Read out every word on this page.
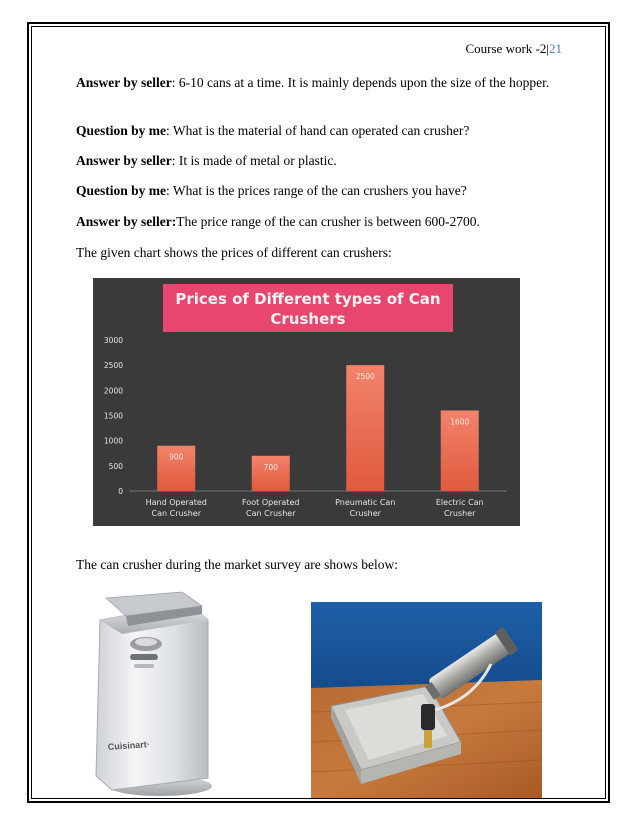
Course work -2|21
Answer by seller: 6-10 cans at a time. It is mainly depends upon the size of the hopper.
Question by me: What is the material of hand can operated can crusher?
Answer by seller: It is made of metal or plastic.
Question by me: What is the prices range of the can crushers you have?
Answer by seller:The price range of the can crusher is between 600-2700.
The given chart shows the prices of different can crushers:
Prices of Different types of Can
Crushers
0
500
1000
1500
2000
2500
3000
900
Hand Operated
Can Crusher
700
Foot Operated
Can Crusher
2500
Pneumatic Can
Crusher
1600
Electric Can
Crusher
The can crusher during the market survey are shows below:
Cuisinart·
